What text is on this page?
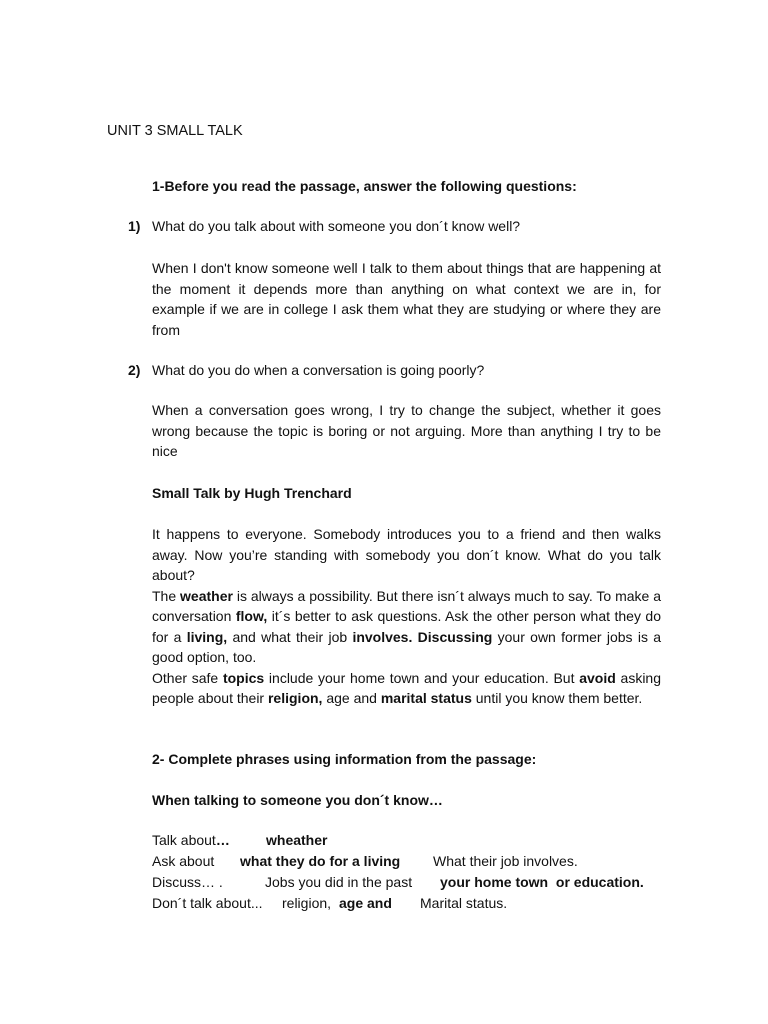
UNIT 3 SMALL TALK
1-Before you read the passage, answer the following questions:
1) What do you talk about with someone you don´t know well?
When I don't know someone well I talk to them about things that are happening at the moment it depends more than anything on what context we are in, for example if we are in college I ask them what they are studying or where they are from
2) What do you do when a conversation is going poorly?
When a conversation goes wrong, I try to change the subject, whether it goes wrong because the topic is boring or not arguing. More than anything I try to be nice
Small Talk by Hugh Trenchard

It happens to everyone. Somebody introduces you to a friend and then walks away. Now you’re standing with somebody you don´t know. What do you talk about?

The weather is always a possibility. But there isn´t always much to say. To make a conversation flow, it´s better to ask questions. Ask the other person what they do for a living, and what their job involves. Discussing your own former jobs is a good option, too.

Other safe topics include your home town and your education. But avoid asking people about their religion, age and marital status until you know them better.

2- Complete phrases using information from the passage:
When talking to someone you don´t know…
Talk about…	wheather
Ask about what they do for a living What their job involves.
Discuss… .	Jobs you did in the past your home town  or education.
Don´t talk about... religion, age and Marital status.
